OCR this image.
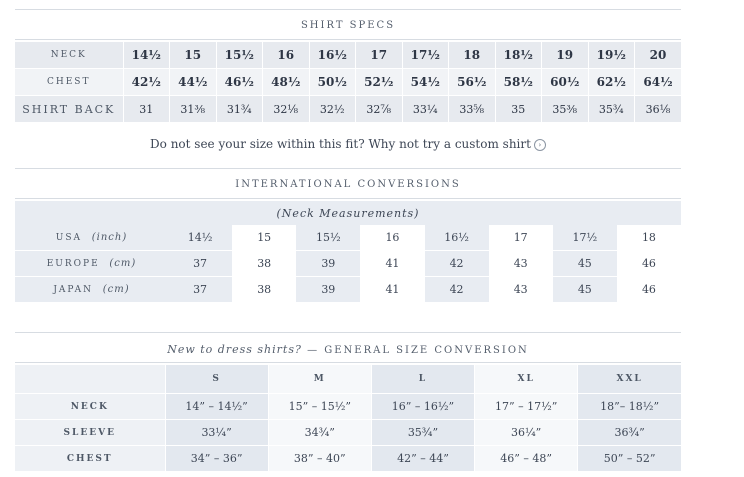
SHIRT SPECS
NECK	14½	15	15½	16	16½	17	17½	18	18½	19	19½	20
CHEST	42½	44½	46½	48½	50½	52½	54½	56½	58½	60½	62½	64½
SHIRT BACK	31	31⅜	31¾	32⅛	32½	32⅞	33¼	33⅝	35	35⅜	35¾	36⅛
Do not see your size within this fit? Why not try a custom shirt ›
INTERNATIONAL CONVERSIONS
(Neck Measurements)								
USA (inch)	14½	15	15½	16	16½	17	17½	18
EUROPE (cm)	37	38	39	41	42	43	45	46
JAPAN (cm)	37	38	39	41	42	43	45	46
New to dress shirts? — GENERAL SIZE CONVERSION
	S	M	L	XL	XXL
NECK	14” – 14½”	15” – 15½”	16” – 16½”	17” – 17½”	18”– 18½”
SLEEVE	33¼”	34¾”	35¾”	36¼”	36¾”
CHEST	34” – 36”	38” – 40”	42” – 44”	46” – 48”	50” – 52”
